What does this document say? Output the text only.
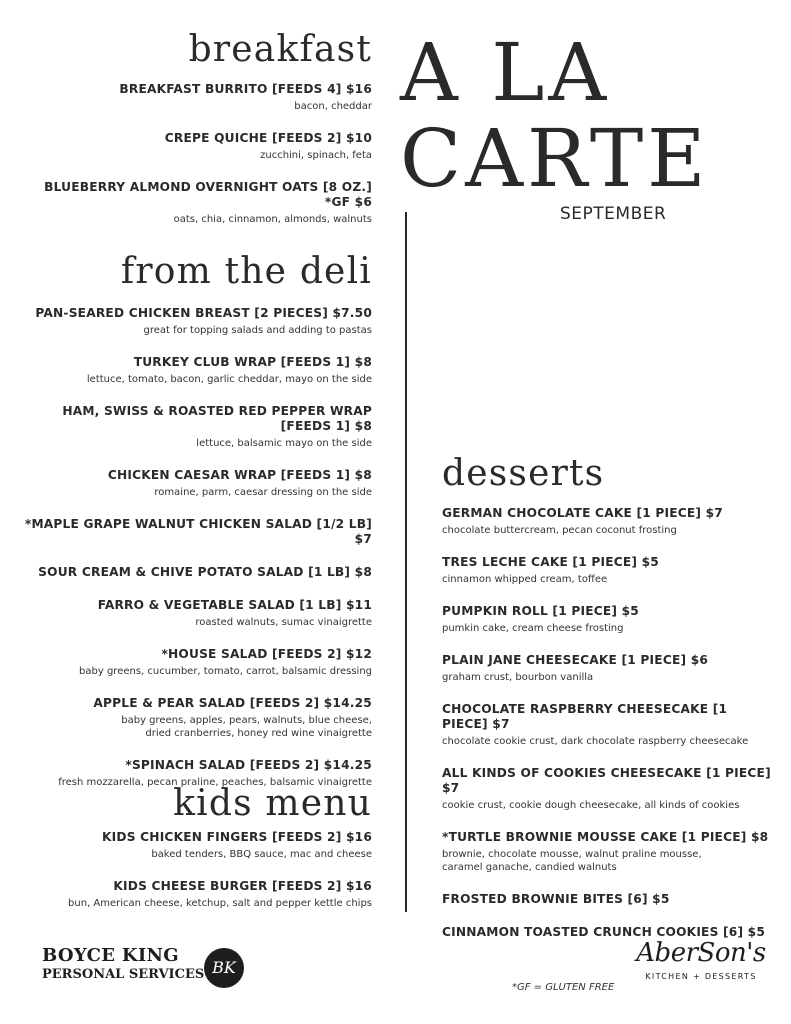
A LA
CARTE
SEPTEMBER
breakfast
BREAKFAST BURRITO [FEEDS 4] $16
bacon, cheddar
CREPE QUICHE [FEEDS 2] $10
zucchini, spinach, feta
BLUEBERRY ALMOND OVERNIGHT OATS [8 OZ.] *GF $6
oats, chia, cinnamon, almonds, walnuts
from the deli
PAN-SEARED CHICKEN BREAST [2 PIECES] $7.50
great for topping salads and adding to pastas
TURKEY CLUB WRAP [FEEDS 1] $8
lettuce, tomato, bacon, garlic cheddar, mayo on the side
HAM, SWISS & ROASTED RED PEPPER WRAP [FEEDS 1] $8
lettuce, balsamic mayo on the side
CHICKEN CAESAR WRAP [FEEDS 1] $8
romaine, parm, caesar dressing on the side
*MAPLE GRAPE WALNUT CHICKEN SALAD [1/2 LB] $7
SOUR CREAM & CHIVE POTATO SALAD [1 LB] $8
FARRO & VEGETABLE SALAD [1 LB] $11
roasted walnuts, sumac vinaigrette
*HOUSE SALAD [FEEDS 2] $12
baby greens, cucumber, tomato, carrot, balsamic dressing
APPLE & PEAR SALAD [FEEDS 2] $14.25
baby greens, apples, pears, walnuts, blue cheese,
dried cranberries, honey red wine vinaigrette
*SPINACH SALAD [FEEDS 2] $14.25
fresh mozzarella, pecan praline, peaches, balsamic vinaigrette
kids menu
KIDS CHICKEN FINGERS [FEEDS 2] $16
baked tenders, BBQ sauce, mac and cheese
KIDS CHEESE BURGER [FEEDS 2] $16
bun, American cheese, ketchup, salt and pepper kettle chips
desserts
GERMAN CHOCOLATE CAKE [1 PIECE] $7
chocolate buttercream, pecan coconut frosting
TRES LECHE CAKE [1 PIECE] $5
cinnamon whipped cream, toffee
PUMPKIN ROLL [1 PIECE] $5
pumkin cake, cream cheese frosting
PLAIN JANE CHEESECAKE [1 PIECE] $6
graham crust, bourbon vanilla
CHOCOLATE RASPBERRY CHEESECAKE [1 PIECE] $7
chocolate cookie crust, dark chocolate raspberry cheesecake
ALL KINDS OF COOKIES CHEESECAKE [1 PIECE] $7
cookie crust, cookie dough cheesecake, all kinds of cookies
*TURTLE BROWNIE MOUSSE CAKE [1 PIECE] $8
brownie, chocolate mousse, walnut praline mousse,
caramel ganache, candied walnuts
FROSTED BROWNIE BITES [6] $5
CINNAMON TOASTED CRUNCH COOKIES [6] $5
BOYCE KING
PERSONAL SERVICES BK
*GF = GLUTEN FREE
AberSon's
KITCHEN + DESSERTS
